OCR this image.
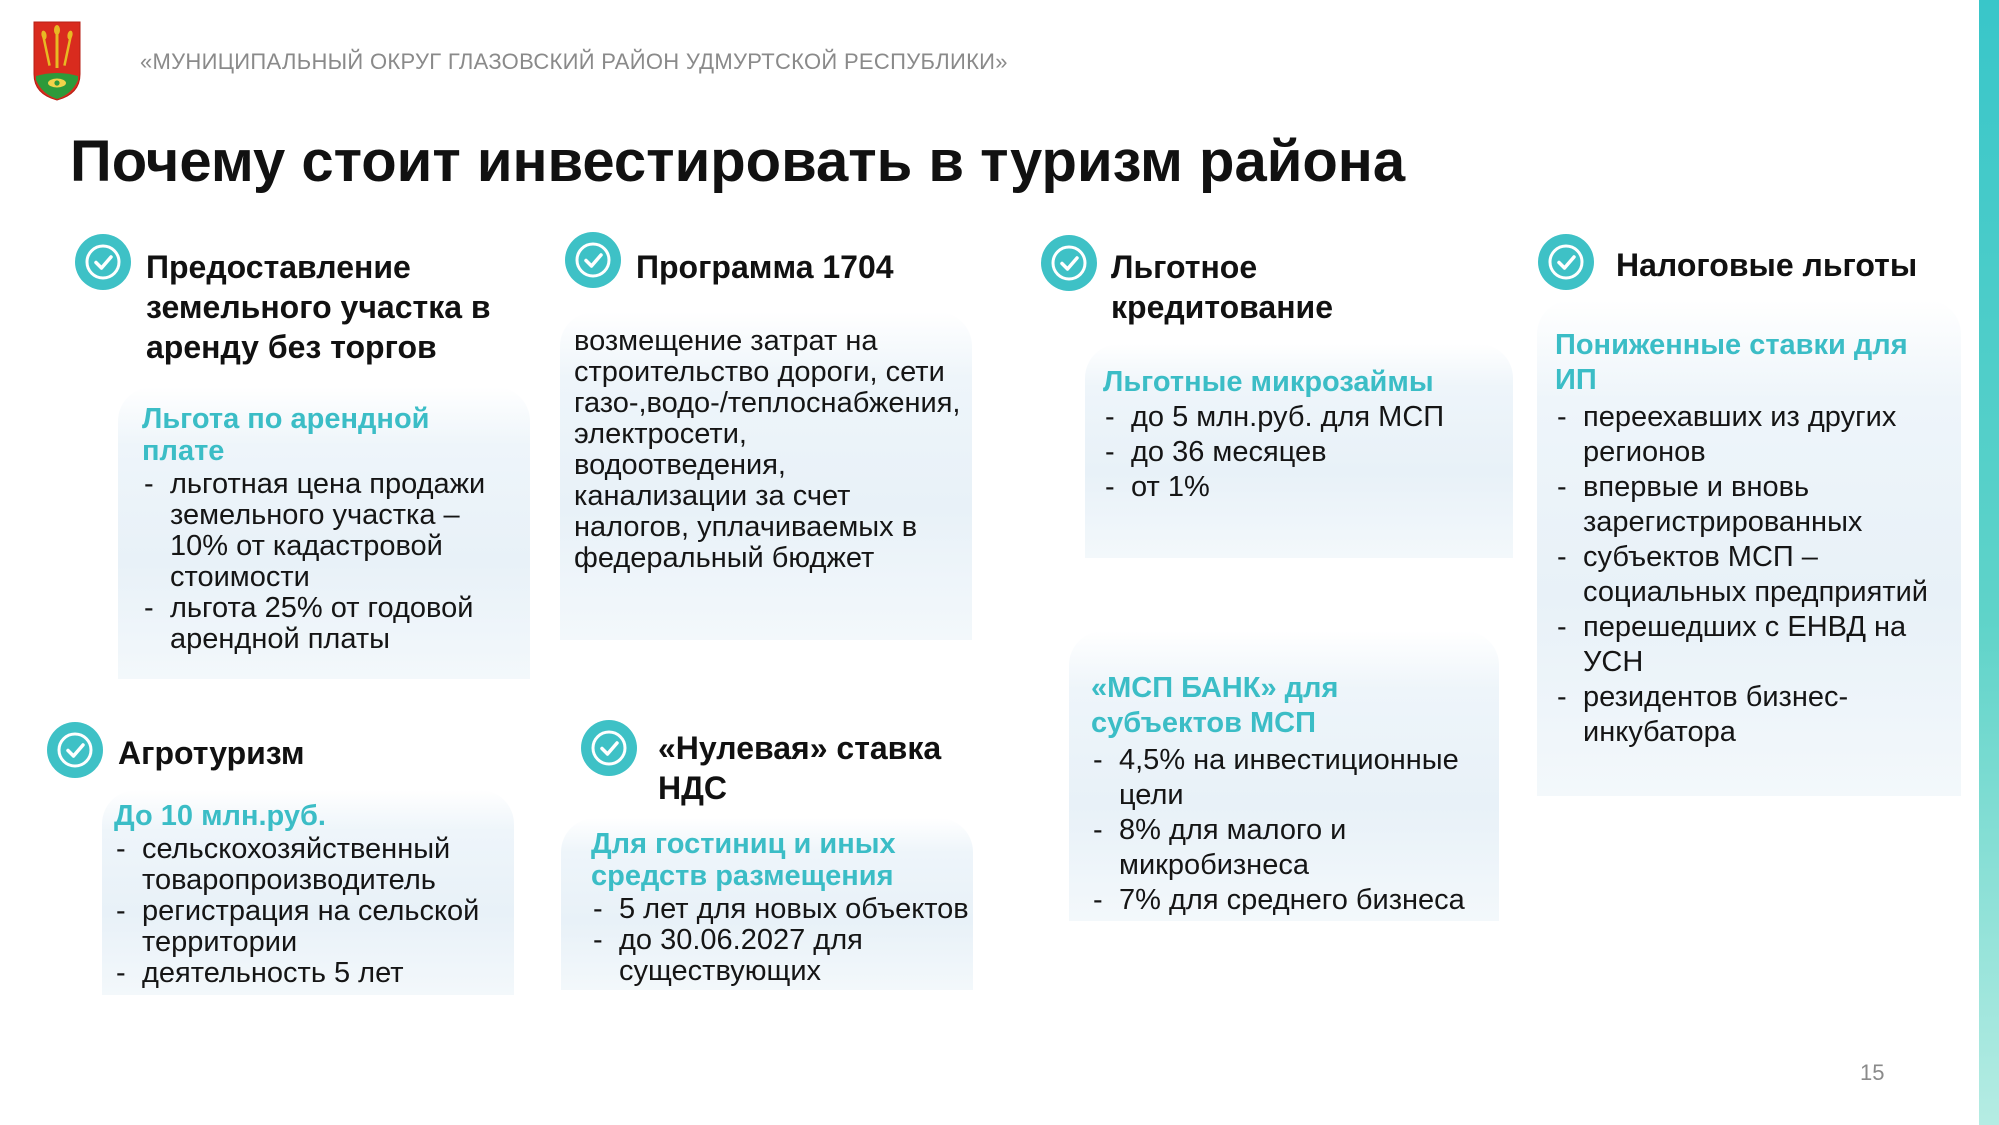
«МУНИЦИПАЛЬНЫЙ ОКРУГ ГЛАЗОВСКИЙ РАЙОН УДМУРТСКОЙ РЕСПУБЛИКИ»
Почему стоит инвестировать в туризм района
Предоставление земельного участка в аренду без торгов
Льгота по арендной плате
- льготная цена продажи земельного участка – 10% от кадастровой стоимости
- льгота 25% от годовой арендной платы
Программа 1704
возмещение затрат на строительство дороги, сети газо-,водо-/теплоснабжения, электросети, водоотведения, канализации за счет налогов, уплачиваемых в федеральный бюджет
Льготное кредитование
Льготные микрозаймы
- до 5 млн.руб. для МСП
- до 36 месяцев
- от 1%
«МСП БАНК» для субъектов МСП
- 4,5% на инвестиционные цели
- 8% для малого и микробизнеса
- 7% для среднего бизнеса
Налоговые льготы
Пониженные ставки для ИП
- переехавших из других регионов
- впервые и вновь зарегистрированных
- субъектов МСП – социальных предприятий
- перешедших с ЕНВД на УСН
- резидентов бизнес-инкубатора
Агротуризм
До 10 млн.руб.
- сельскохозяйственный товаропроизводитель
- регистрация на сельской территории
- деятельность 5 лет
«Нулевая» ставка НДС
Для гостиниц и иных средств размещения
- 5 лет для новых объектов
- до 30.06.2027 для существующих
15
